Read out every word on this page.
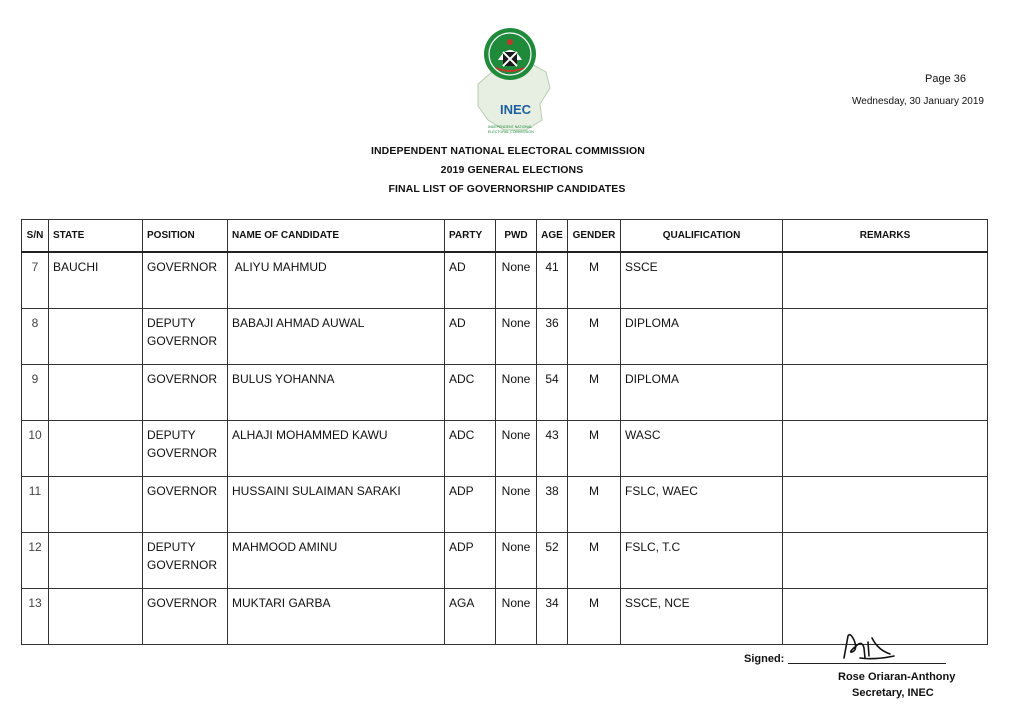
INEC
INDEPENDENT NATIONAL
ELECTORAL COMMISSION
Page 36
Wednesday, 30 January 2019
INDEPENDENT NATIONAL ELECTORAL COMMISSION
2019 GENERAL ELECTIONS
FINAL LIST OF GOVERNORSHIP CANDIDATES
S/N	STATE	POSITION	NAME OF CANDIDATE	PARTY	PWD	AGE	GENDER	QUALIFICATION	REMARKS
7	BAUCHI	GOVERNOR	ALIYU MAHMUD	AD	None	41	M	SSCE	
8		DEPUTY GOVERNOR	BABAJI AHMAD AUWAL	AD	None	36	M	DIPLOMA	
9		GOVERNOR	BULUS YOHANNA	ADC	None	54	M	DIPLOMA	
10		DEPUTY GOVERNOR	ALHAJI MOHAMMED KAWU	ADC	None	43	M	WASC	
11		GOVERNOR	HUSSAINI SULAIMAN SARAKI	ADP	None	38	M	FSLC, WAEC	
12		DEPUTY GOVERNOR	MAHMOOD AMINU	ADP	None	52	M	FSLC, T.C	
13		GOVERNOR	MUKTARI GARBA	AGA	None	34	M	SSCE, NCE	
Signed:
Rose Oriaran-Anthony
Secretary, INEC
